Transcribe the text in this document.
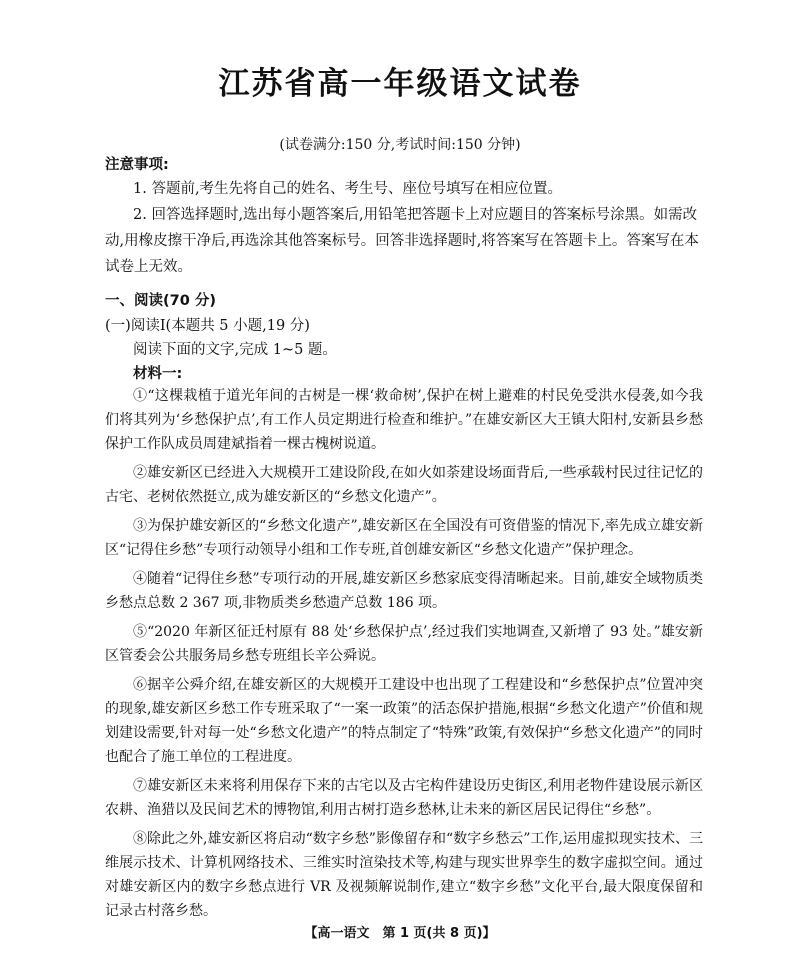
江苏省高一年级语文试卷

(试卷满分:150 分,考试时间:150 分钟)

注意事项:

1. 答题前,考生先将自己的姓名、考生号、座位号填写在相应位置。

2. 回答选择题时,选出每小题答案后,用铅笔把答题卡上对应题目的答案标号涂黑。如需改动,用橡皮擦干净后,再选涂其他答案标号。回答非选择题时,将答案写在答题卡上。答案写在本试卷上无效。

一、阅读(70 分)

(一)阅读Ⅰ(本题共 5 小题,19 分)

阅读下面的文字,完成 1~5 题。

材料一:

①“这棵栽植于道光年间的古树是一棵‘救命树’,保护在树上避难的村民免受洪水侵袭,如今我们将其列为‘乡愁保护点’,有工作人员定期进行检查和维护。”在雄安新区大王镇大阳村,安新县乡愁保护工作队成员周建斌指着一棵古槐树说道。

②雄安新区已经进入大规模开工建设阶段,在如火如荼建设场面背后,一些承载村民过往记忆的古宅、老树依然挺立,成为雄安新区的“乡愁文化遗产”。

③为保护雄安新区的“乡愁文化遗产”,雄安新区在全国没有可资借鉴的情况下,率先成立雄安新区“记得住乡愁”专项行动领导小组和工作专班,首创雄安新区“乡愁文化遗产”保护理念。

④随着“记得住乡愁”专项行动的开展,雄安新区乡愁家底变得清晰起来。目前,雄安全域物质类乡愁点总数 2 367 项,非物质类乡愁遗产总数 186 项。

⑤“2020 年新区征迁村原有 88 处‘乡愁保护点’,经过我们实地调查,又新增了 93 处。”雄安新区管委会公共服务局乡愁专班组长辛公舜说。

⑥据辛公舜介绍,在雄安新区的大规模开工建设中也出现了工程建设和“乡愁保护点”位置冲突的现象,雄安新区乡愁工作专班采取了“一案一政策”的活态保护措施,根据“乡愁文化遗产”价值和规划建设需要,针对每一处“乡愁文化遗产”的特点制定了“特殊”政策,有效保护“乡愁文化遗产”的同时也配合了施工单位的工程进度。

⑦雄安新区未来将利用保存下来的古宅以及古宅构件建设历史街区,利用老物件建设展示新区农耕、渔猎以及民间艺术的博物馆,利用古树打造乡愁林,让未来的新区居民记得住“乡愁”。

⑧除此之外,雄安新区将启动“数字乡愁”影像留存和“数字乡愁云”工作,运用虚拟现实技术、三维展示技术、计算机网络技术、三维实时渲染技术等,构建与现实世界孪生的数字虚拟空间。通过对雄安新区内的数字乡愁点进行 VR 及视频解说制作,建立“数字乡愁”文化平台,最大限度保留和记录古村落乡愁。

【高一语文　第 1 页(共 8 页)】
